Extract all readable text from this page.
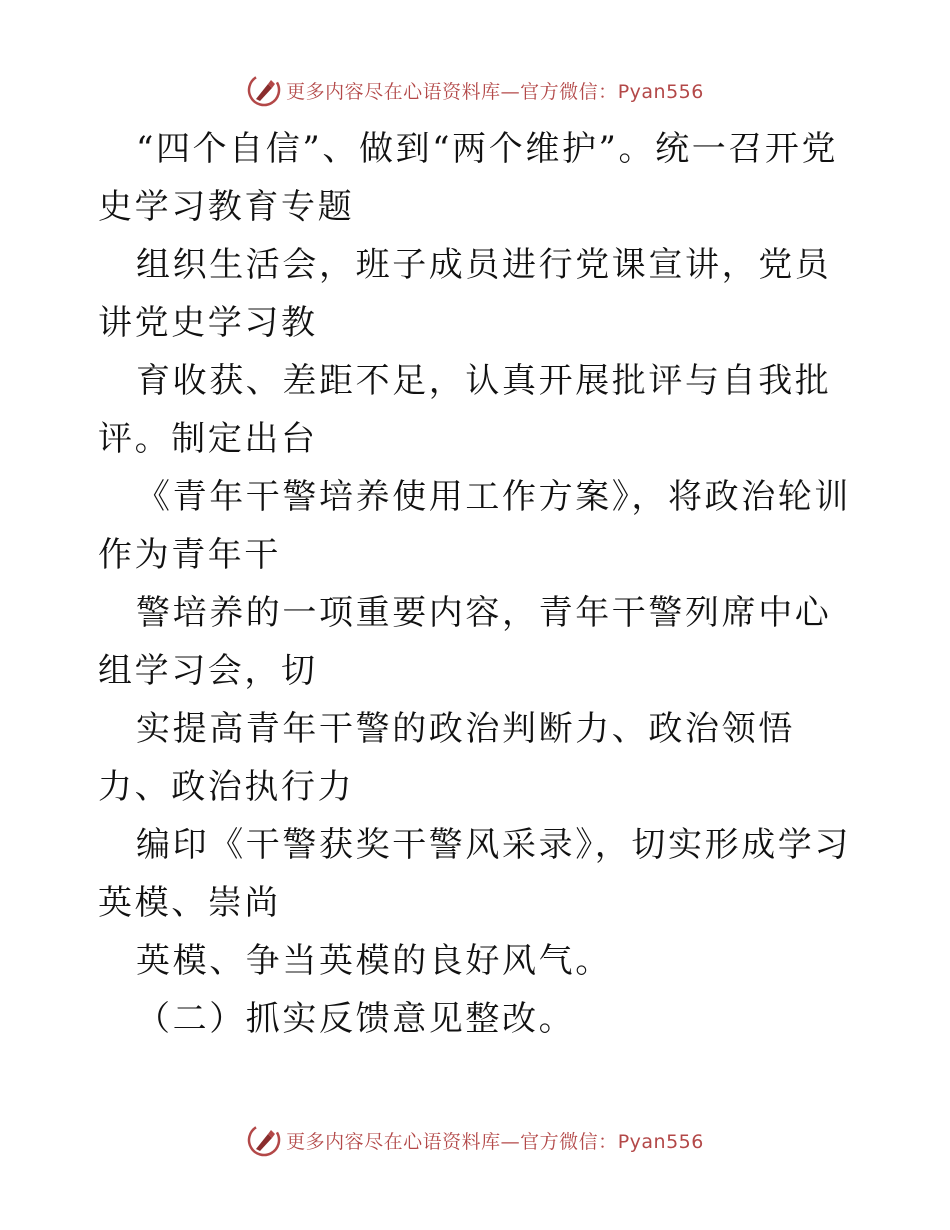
更多内容尽在心语资料库—官方微信：Pyan556

“四个自信”、做到“两个维护”。统一召开党史学习教育专题

组织生活会，班子成员进行党课宣讲，党员讲党史学习教

育收获、差距不足，认真开展批评与自我批评。制定出台

《青年干警培养使用工作方案》，将政治轮训作为青年干

警培养的一项重要内容，青年干警列席中心组学习会，切

实提高青年干警的政治判断力、政治领悟力、政治执行力

编印《干警获奖干警风采录》，切实形成学习英模、崇尚

英模、争当英模的良好风气。

（二）抓实反馈意见整改。

更多内容尽在心语资料库—官方微信：Pyan556
